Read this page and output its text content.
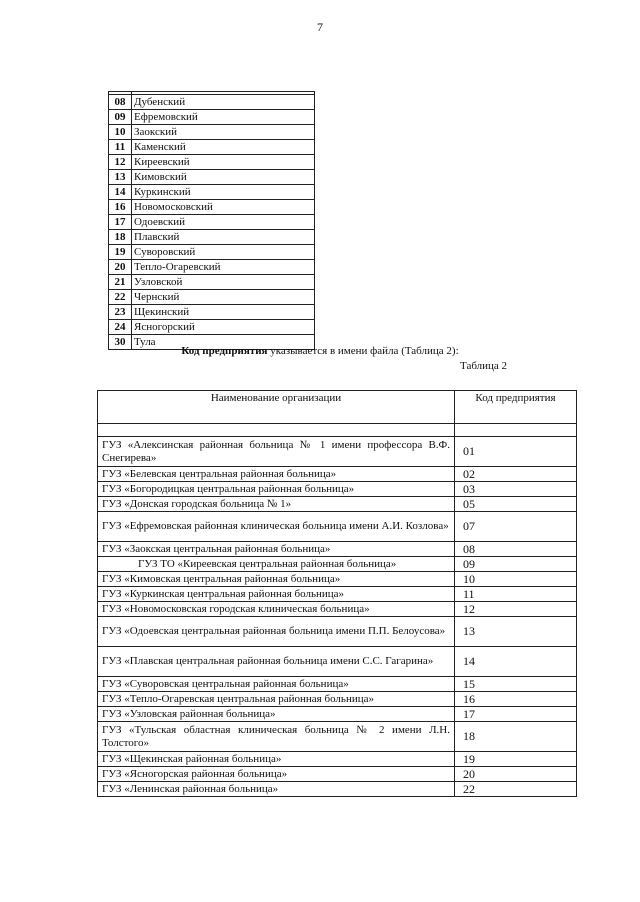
7

08	Дубенский
09	Ефремовский
10	Заокский
11	Каменский
12	Киреевский
13	Кимовский
14	Куркинский
16	Новомосковский
17	Одоевский
18	Плавский
19	Суворовский
20	Тепло-Огаревский
21	Узловской
22	Чернский
23	Щекинский
24	Ясногорский
30	Тула
Код предприятия указывается в имени файла (Таблица 2):
Таблица 2
Наименование организации	Код предприятия

ГУЗ «Алексинская районная больница № 1 имени профессора В.Ф. Снегирева»	01
ГУЗ «Белевская центральная районная больница»	02
ГУЗ «Богородицкая центральная районная больница»	03
ГУЗ «Донская городская больница № 1»	05
ГУЗ «Ефремовская районная клиническая больница имени А.И. Козлова»	07
ГУЗ «Заокская центральная районная больница»	08
ГУЗ ТО «Киреевская центральная районная больница»	09
ГУЗ «Кимовская центральная районная больница»	10
ГУЗ «Куркинская центральная районная больница»	11
ГУЗ «Новомосковская городская клиническая больница»	12
ГУЗ «Одоевская центральная районная больница имени П.П. Белоусова»	13
ГУЗ «Плавская центральная районная больница имени С.С. Гагарина»	14
ГУЗ «Суворовская центральная районная больница»	15
ГУЗ «Тепло-Огаревская центральная районная больница»	16
ГУЗ «Узловская районная больница»	17
ГУЗ «Тульская областная клиническая больница № 2 имени Л.Н. Толстого»	18
ГУЗ «Щекинская районная больница»	19
ГУЗ «Ясногорская районная больница»	20
ГУЗ «Ленинская районная больница»	22
